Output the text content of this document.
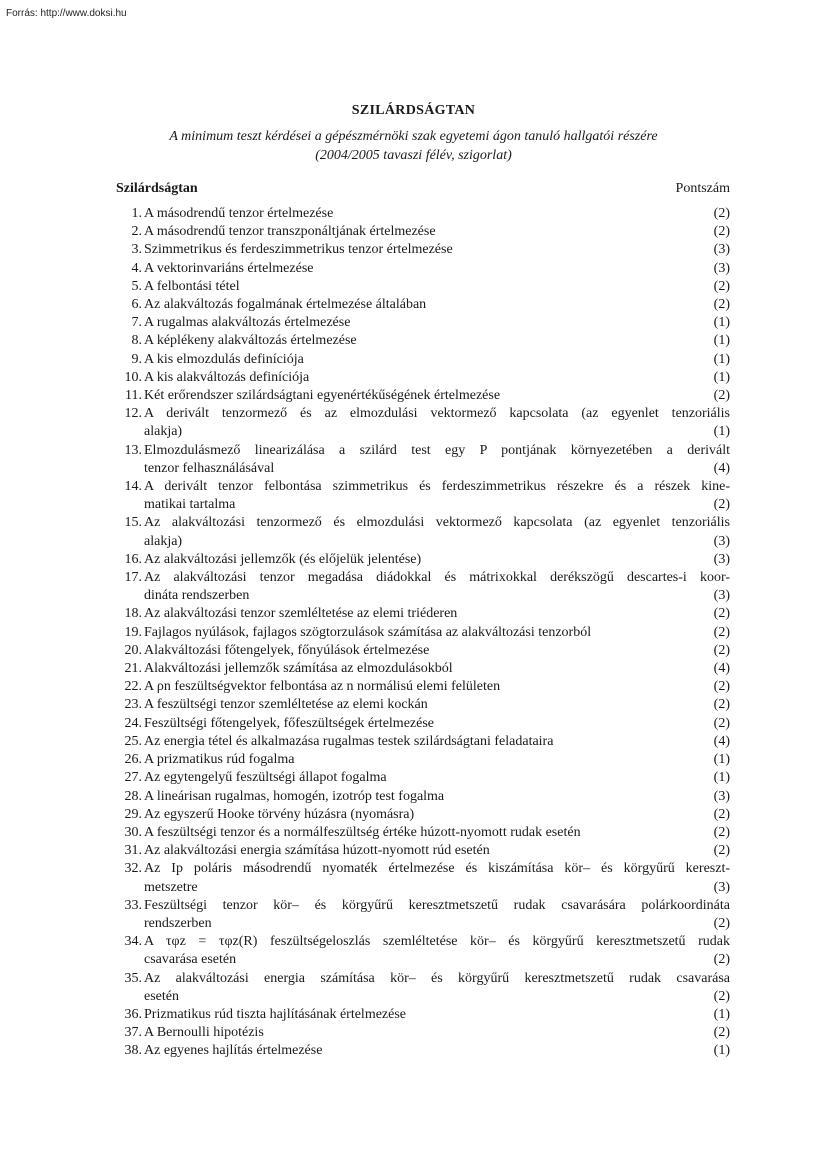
Forrás: http://www.doksi.hu
SZILÁRDSÁGTAN
A minimum teszt kérdései a gépészmérnöki szak egyetemi ágon tanuló hallgatói részére
(2004/2005 tavaszi félév, szigorlat)
Szilárdságtan	Pontszám
1. A másodrendű tenzor értelmezése	(2)
2. A másodrendű tenzor transzponáltjának értelmezése	(2)
3. Szimmetrikus és ferdeszimmetrikus tenzor értelmezése	(3)
4. A vektorinvariáns értelmezése	(3)
5. A felbontási tétel	(2)
6. Az alakváltozás fogalmának értelmezése általában	(2)
7. A rugalmas alakváltozás értelmezése	(1)
8. A képlékeny alakváltozás értelmezése	(1)
9. A kis elmozdulás definíciója	(1)
10. A kis alakváltozás definíciója	(1)
11. Két erőrendszer szilárdságtani egyenértékűségének értelmezése	(2)
12. A derivált tenzormező és az elmozdulási vektormező kapcsolata (az egyenlet tenzoriális
alakja)	(1)
13. Elmozdulásmező linearizálása a szilárd test egy P pontjának környezetében a derivált
tenzor felhasználásával	(4)
14. A derivált tenzor felbontása szimmetrikus és ferdeszimmetrikus részekre és a részek kine-
matikai tartalma	(2)
15. Az alakváltozási tenzormező és elmozdulási vektormező kapcsolata (az egyenlet tenzoriális
alakja)	(3)
16. Az alakváltozási jellemzők (és előjelük jelentése)	(3)
17. Az alakváltozási tenzor megadása diádokkal és mátrixokkal derékszögű descartes-i koor-
dináta rendszerben	(3)
18. Az alakváltozási tenzor szemléltetése az elemi triéderen	(2)
19. Fajlagos nyúlások, fajlagos szögtorzulások számítása az alakváltozási tenzorból	(2)
20. Alakváltozási főtengelyek, főnyúlások értelmezése	(2)
21. Alakváltozási jellemzők számítása az elmozdulásokból	(4)
22. A ρn feszültségvektor felbontása az n normálisú elemi felületen	(2)
23. A feszültségi tenzor szemléltetése az elemi kockán	(2)
24. Feszültségi főtengelyek, főfeszültségek értelmezése	(2)
25. Az energia tétel és alkalmazása rugalmas testek szilárdságtani feladataira	(4)
26. A prizmatikus rúd fogalma	(1)
27. Az egytengelyű feszültségi állapot fogalma	(1)
28. A lineárisan rugalmas, homogén, izotróp test fogalma	(3)
29. Az egyszerű Hooke törvény húzásra (nyomásra)	(2)
30. A feszültségi tenzor és a normálfeszültség értéke húzott-nyomott rudak esetén	(2)
31. Az alakváltozási energia számítása húzott-nyomott rúd esetén	(2)
32. Az Ip poláris másodrendű nyomaték értelmezése és kiszámítása kör– és körgyűrű kereszt-
metszetre	(3)
33. Feszültségi tenzor kör– és körgyűrű keresztmetszetű rudak csavarására polárkoordináta
rendszerben	(2)
34. A τφz = τφz(R) feszültségeloszlás szemléltetése kör– és körgyűrű keresztmetszetű rudak
csavarása esetén	(2)
35. Az alakváltozási energia számítása kör– és körgyűrű keresztmetszetű rudak csavarása
esetén	(2)
36. Prizmatikus rúd tiszta hajlításának értelmezése	(1)
37. A Bernoulli hipotézis	(2)
38. Az egyenes hajlítás értelmezése	(1)
